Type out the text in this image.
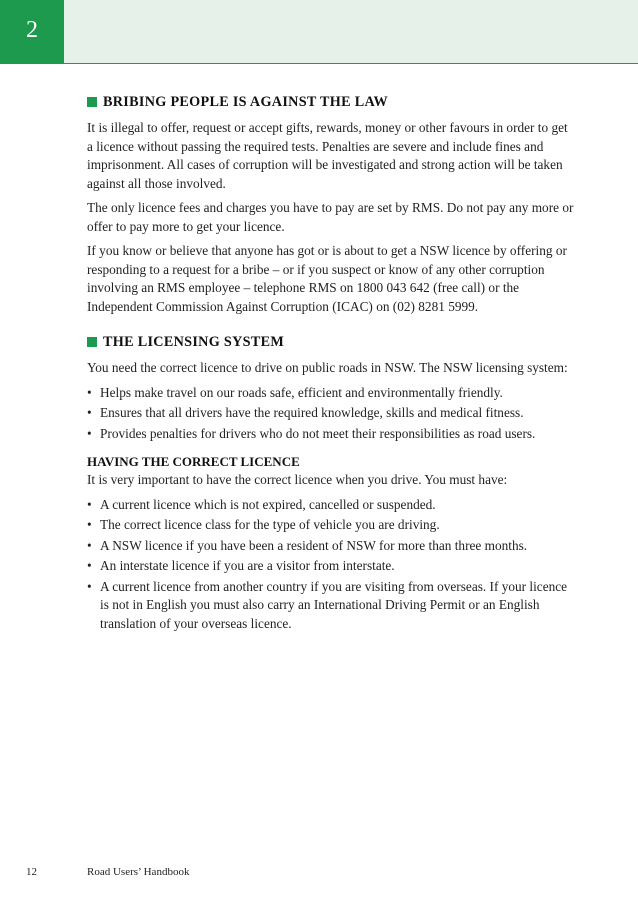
2
BRIBING PEOPLE IS AGAINST THE LAW

It is illegal to offer, request or accept gifts, rewards, money or other favours in order to get a licence without passing the required tests. Penalties are severe and include fines and imprisonment. All cases of corruption will be investigated and strong action will be taken against all those involved.

The only licence fees and charges you have to pay are set by RMS. Do not pay any more or offer to pay more to get your licence.

If you know or believe that anyone has got or is about to get a NSW licence by offering or responding to a request for a bribe – or if you suspect or know of any other corruption involving an RMS employee – telephone RMS on 1800 043 642 (free call) or the Independent Commission Against Corruption (ICAC) on (02) 8281 5999.

THE LICENSING SYSTEM

You need the correct licence to drive on public roads in NSW. The NSW licensing system:

• Helps make travel on our roads safe, efficient and environmentally friendly.
• Ensures that all drivers have the required knowledge, skills and medical fitness.
• Provides penalties for drivers who do not meet their responsibilities as road users.
HAVING THE CORRECT LICENCE

It is very important to have the correct licence when you drive. You must have:

• A current licence which is not expired, cancelled or suspended.
• The correct licence class for the type of vehicle you are driving.
• A NSW licence if you have been a resident of NSW for more than three months.
• An interstate licence if you are a visitor from interstate.
• A current licence from another country if you are visiting from overseas. If your licence is not in English you must also carry an International Driving Permit or an English translation of your overseas licence.
12	Road Users’ Handbook
